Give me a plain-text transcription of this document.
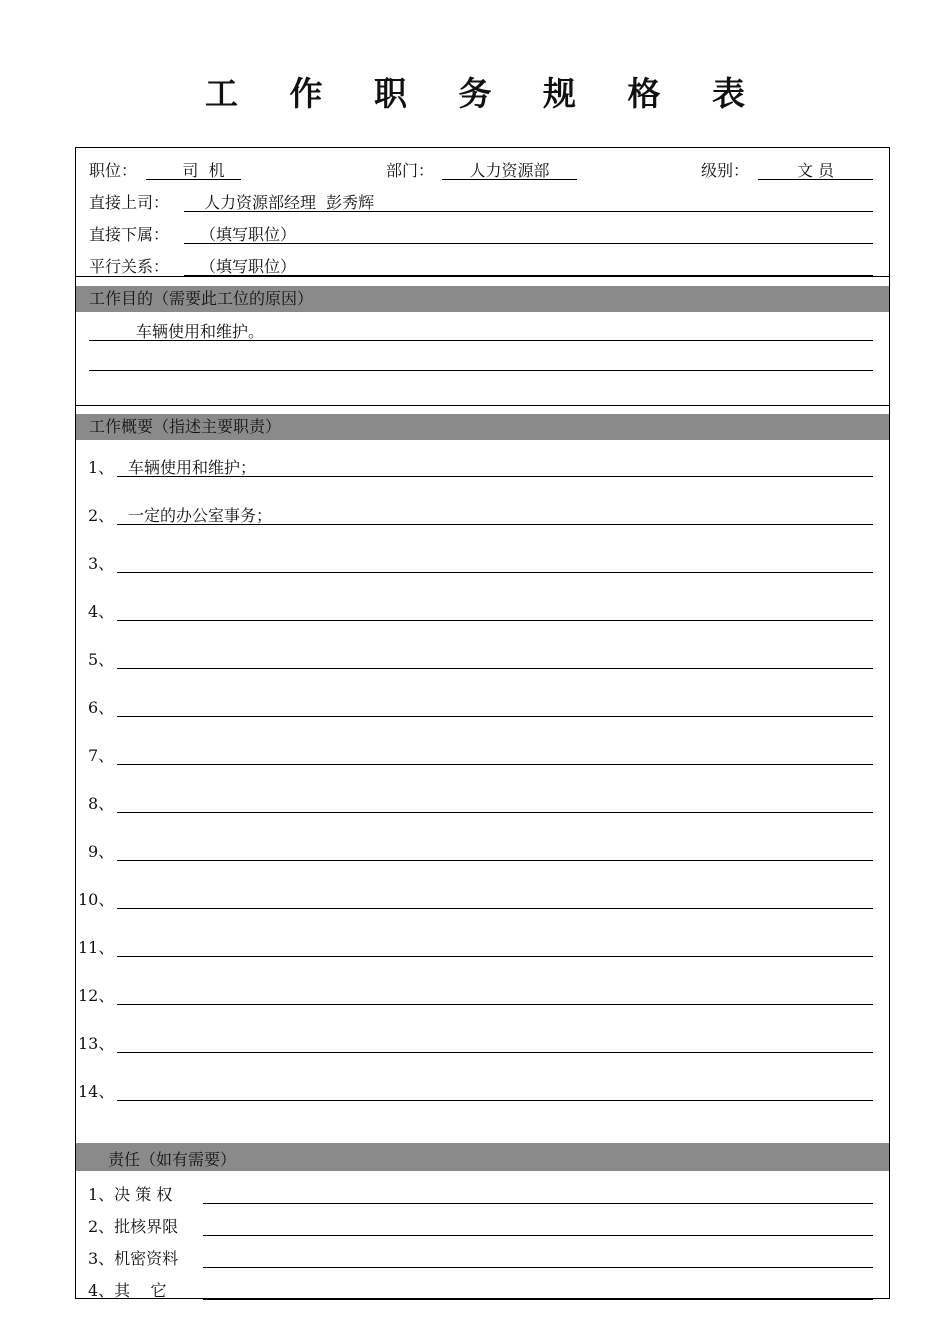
工 作 职 务 规 格 表
职位：	司  机	部门：	人力资源部	级别：	文 员
直接上司： 人力资源部经理  彭秀辉
直接下属： （填写职位）
平行关系： （填写职位）
工作目的（需要此工位的原因）
车辆使用和维护。
工作概要（指述主要职责）
1、 车辆使用和维护；
2、 一定的办公室事务；
3、
4、
5、
6、
7、
8、
9、
10、
11、
12、
13、
14、
责任（如有需要）
1、决 策 权
2、批核界限
3、机密资料
4、其    它
